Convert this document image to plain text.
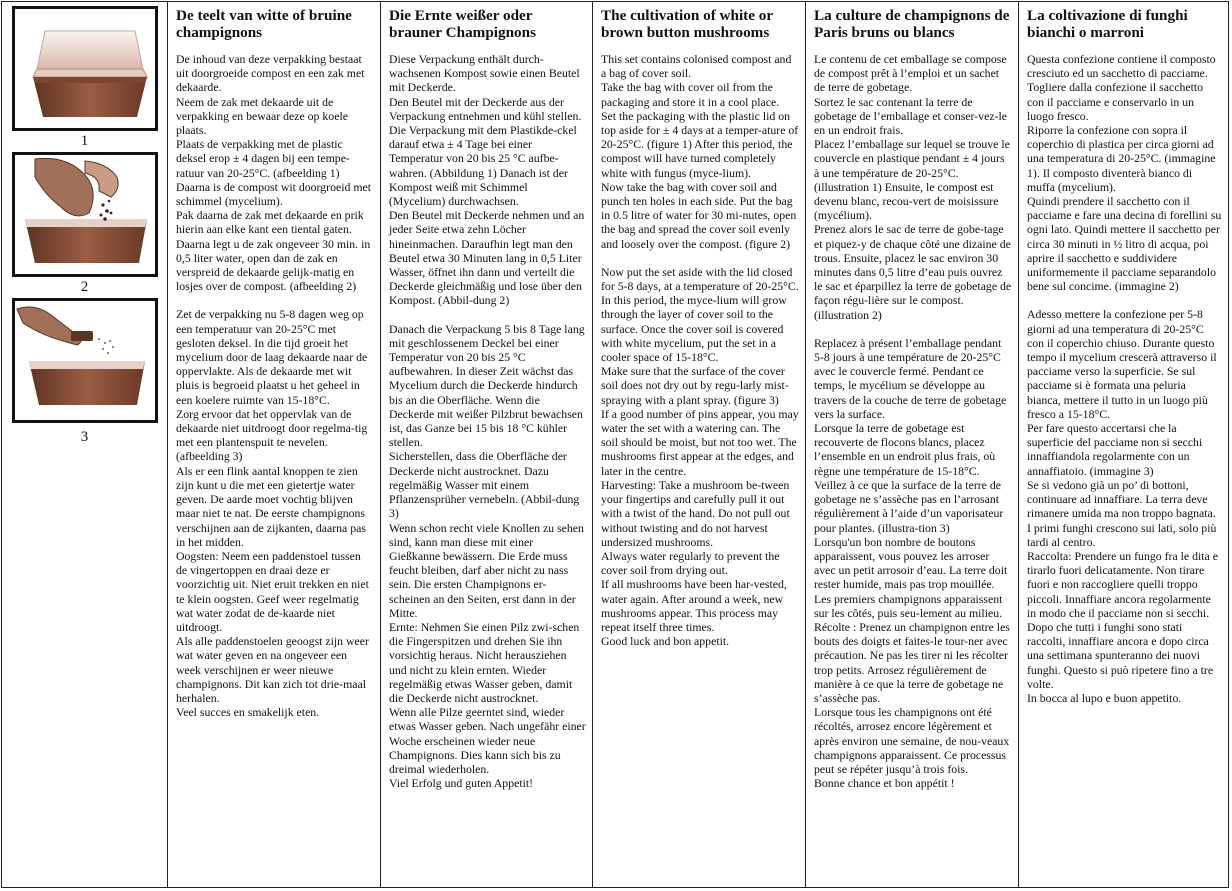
1
2
3
De teelt van witte of bruine champignons
De inhoud van deze verpakking bestaat uit doorgroeide compost en een zak met dekaarde.
Neem de zak met dekaarde uit de verpakking en bewaar deze op koele plaats.
Plaats de verpakking met de plastic deksel erop ± 4 dagen bij een tempe-ratuur van 20-25°C. (afbeelding 1)
Daarna is de compost wit doorgroeid met schimmel (mycelium).
Pak daarna de zak met dekaarde en prik hierin aan elke kant een tiental gaten. Daarna legt u de zak ongeveer 30 min. in 0,5 liter water, open dan de zak en verspreid de dekaarde gelijk-matig en losjes over de compost. (afbeelding 2)
Zet de verpakking nu 5-8 dagen weg op een temperatuur van 20-25°C met gesloten deksel. In die tijd groeit het mycelium door de laag dekaarde naar de oppervlakte. Als de dekaarde met wit pluis is begroeid plaatst u het geheel in een koelere ruimte van 15-18°C.
Zorg ervoor dat het oppervlak van de dekaarde niet uitdroogt door regelma-tig met een plantenspuit te nevelen. (afbeelding 3)
Als er een flink aantal knoppen te zien zijn kunt u die met een gietertje water geven. De aarde moet vochtig blijven maar niet te nat. De eerste champignons verschijnen aan de zijkanten, daarna pas in het midden.
Oogsten: Neem een paddenstoel tussen de vingertoppen en draai deze er voorzichtig uit. Niet eruit trekken en niet te klein oogsten. Geef weer regelmatig wat water zodat de de-kaarde niet uitdroogt.
Als alle paddenstoelen geoogst zijn weer wat water geven en na ongeveer een week verschijnen er weer nieuwe champignons. Dit kan zich tot drie-maal herhalen.
Veel succes en smakelijk eten.
Die Ernte weißer oder brauner Champignons
Diese Verpackung enthält durch-wachsenen Kompost sowie einen Beutel mit Deckerde.
Den Beutel mit der Deckerde aus der Verpackung entnehmen und kühl stellen.
Die Verpackung mit dem Plastikde-ckel darauf etwa ± 4 Tage bei einer Temperatur von 20 bis 25 °C aufbe-wahren. (Abbildung 1) Danach ist der Kompost weiß mit Schimmel (Mycelium) durchwachsen.
Den Beutel mit Deckerde nehmen und an jeder Seite etwa zehn Löcher hineinmachen. Daraufhin legt man den Beutel etwa 30 Minuten lang in 0,5 Liter Wasser, öffnet ihn dann und verteilt die Deckerde gleichmäßig und lose über den Kompost. (Abbil-dung 2)
Danach die Verpackung 5 bis 8 Tage lang mit geschlossenem Deckel bei einer Temperatur von 20 bis 25 °C aufbewahren. In dieser Zeit wächst das Mycelium durch die Deckerde hindurch bis an die Oberfläche. Wenn die Deckerde mit weißer Pilzbrut bewachsen ist, das Ganze bei 15 bis 18 °C kühler stellen.
Sicherstellen, dass die Oberfläche der Deckerde nicht austrocknet. Dazu regelmäßig Wasser mit einem Pflanzensprüher vernebeln. (Abbil-dung 3)
Wenn schon recht viele Knollen zu sehen sind, kann man diese mit einer Gießkanne bewässern. Die Erde muss feucht bleiben, darf aber nicht zu nass sein. Die ersten Champignons er-scheinen an den Seiten, erst dann in der Mitte.
Ernte: Nehmen Sie einen Pilz zwi-schen die Fingerspitzen und drehen Sie ihn vorsichtig heraus. Nicht herausziehen und nicht zu klein ernten. Wieder regelmäßig etwas Wasser geben, damit die Deckerde nicht austrocknet.
Wenn alle Pilze geerntet sind, wieder etwas Wasser geben. Nach ungefähr einer Woche erscheinen wieder neue Champignons. Dies kann sich bis zu dreimal wiederholen.
Viel Erfolg und guten Appetit!
The cultivation of white or brown button mushrooms
This set contains colonised compost and a bag of cover soil.
Take the bag with cover oil from the packaging and store it in a cool place.
Set the packaging with the plastic lid on top aside for ± 4 days at a temper-ature of 20-25°C. (figure 1) After this period, the compost will have turned completely white with fungus (myce-lium).
Now take the bag with cover soil and punch ten holes in each side. Put the bag in 0.5 litre of water for 30 mi-nutes, open the bag and spread the cover soil evenly and loosely over the compost. (figure 2)
Now put the set aside with the lid closed for 5-8 days, at a temperature of 20-25°C. In this period, the myce-lium will grow through the layer of cover soil to the surface. Once the cover soil is covered with white mycelium, put the set in a cooler space of 15-18°C.
Make sure that the surface of the cover soil does not dry out by regu-larly mist-spraying with a plant spray. (figure 3)
If a good number of pins appear, you may water the set with a watering can. The soil should be moist, but not too wet. The mushrooms first appear at the edges, and later in the centre.
Harvesting: Take a mushroom be-tween your fingertips and carefully pull it out with a twist of the hand. Do not pull out without twisting and do not harvest undersized mushrooms.
Always water regularly to prevent the cover soil from drying out.
If all mushrooms have been har-vested, water again. After around a week, new mushrooms appear. This process may repeat itself three times.
Good luck and bon appetit.
La culture de champignons de Paris bruns ou blancs
Le contenu de cet emballage se compose de compost prêt à l’emploi et un sachet de terre de gobetage.
Sortez le sac contenant la terre de gobetage de l’emballage et conser-vez-le en un endroit frais.
Placez l’emballage sur lequel se trouve le couvercle en plastique pendant ± 4 jours à une température de 20-25°C. (illustration 1) Ensuite, le compost est devenu blanc, recou-vert de moisissure (mycélium).
Prenez alors le sac de terre de gobe-tage et piquez-y de chaque côté une dizaine de trous. Ensuite, placez le sac environ 30 minutes dans 0,5 litre d’eau puis ouvrez le sac et éparpillez la terre de gobetage de façon régu-lière sur le compost. (illustration 2)
Replacez à présent l’emballage pendant 5-8 jours à une température de 20-25°C avec le couvercle fermé. Pendant ce temps, le mycélium se développe au travers de la couche de terre de gobetage vers la surface.
Lorsque la terre de gobetage est recouverte de flocons blancs, placez l’ensemble en un endroit plus frais, où règne une température de 15-18°C.
Veillez à ce que la surface de la terre de gobetage ne s’assèche pas en l’arrosant régulièrement à l’aide d’un vaporisateur pour plantes. (illustra-tion 3)
Lorsqu'un bon nombre de boutons apparaissent, vous pouvez les arroser avec un petit arrosoir d’eau. La terre doit rester humide, mais pas trop mouillée. Les premiers champignons apparaissent sur les côtés, puis seu-lement au milieu.
Récolte : Prenez un champignon entre les bouts des doigts et faites-le tour-ner avec précaution. Ne pas les tirer ni les récolter trop petits. Arrosez régulièrement de manière à ce que la terre de gobetage ne s’assèche pas.
Lorsque tous les champignons ont été récoltés, arrosez encore légèrement et après environ une semaine, de nou-veaux champignons apparaissent. Ce processus peut se répéter jusqu’à trois fois.
Bonne chance et bon appétit !
La coltivazione di funghi bianchi o marroni
Questa confezione contiene il composto cresciuto ed un sacchetto di pacciame.
Togliere dalla confezione il sacchetto con il pacciame e conservarlo in un luogo fresco.
Riporre la confezione con sopra il coperchio di plastica per circa giorni ad una temperatura di 20-25°C. (immagine 1). Il composto diventerà bianco di muffa (mycelium).
Quindi prendere il sacchetto con il pacciame e fare una decina di forellini su ogni lato. Quindi mettere il sacchetto per circa 30 minuti in ½ litro di acqua, poi aprire il sacchetto e suddividere uniformemente il pacciame separandolo bene sul concime. (immagine 2)
Adesso mettere la confezione per 5-8 giorni ad una temperatura di 20-25°C con il coperchio chiuso. Durante questo tempo il mycelium crescerà attraverso il pacciame verso la superficie. Se sul pacciame si è formata una peluria bianca, mettere il tutto in un luogo più fresco a 15-18°C.
Per fare questo accertarsi che la superficie del pacciame non si secchi innaffiandola regolarmente con un annaffiatoio. (immagine 3)
Se si vedono già un po’ di bottoni, continuare ad innaffiare. La terra deve rimanere umida ma non troppo bagnata. I primi funghi crescono sui lati, solo più tardi al centro.
Raccolta: Prendere un fungo fra le dita e tirarlo fuori delicatamente. Non tirare fuori e non raccogliere quelli troppo piccoli. Innaffiare ancora regolarmente in modo che il pacciame non si secchi.
Dopo che tutti i funghi sono stati raccolti, innaffiare ancora e dopo circa una settimana spunteranno dei nuovi funghi. Questo si può ripetere fino a tre volte.
In bocca al lupo e buon appetito.
